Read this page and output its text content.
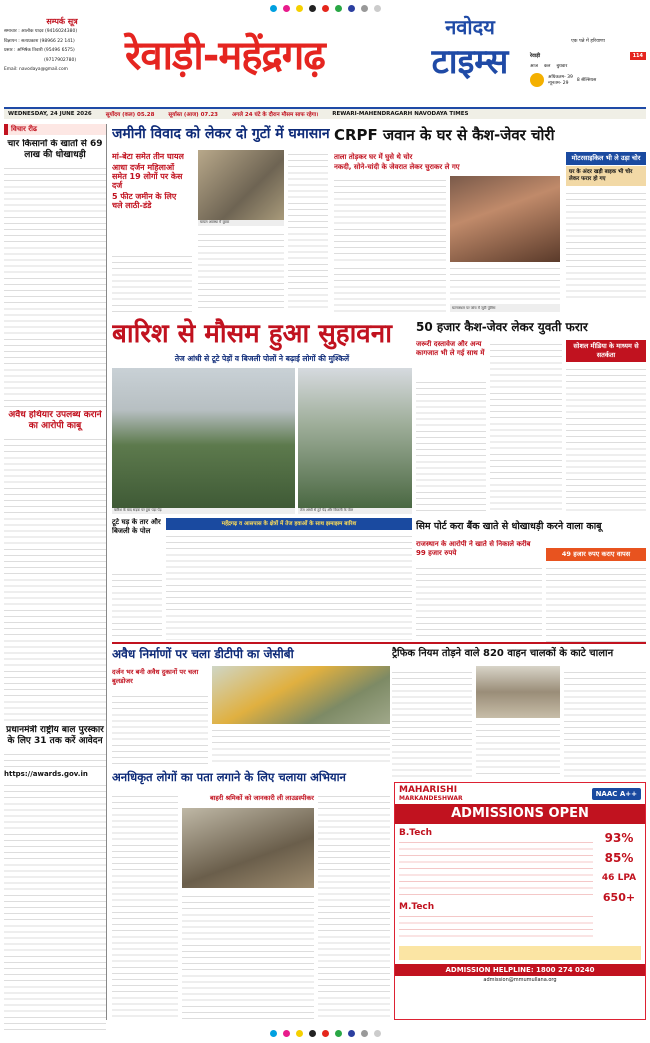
सम्पर्क सूत्र
समाचार : आलोक यादव (9416024380)
विज्ञापन : सत्यप्रकाश (98966 22 141)
प्रसार : अभिषेक तिवारी (95496 6575)
(9717902780)
Email: navodaya@gmail.com	रेवाड़ी-महेंद्रगढ़
नवोदय
टाइम्स
एक पन्ने में हरियाणा
रेवाड़ी	114
आज कल बुधवार
अधिकतम- 39
न्यूनतम- 29
8 सेल्सियस
WEDNESDAY, 24 JUNE 2026	सूर्योदय (कल) 05.28	सूर्यास्त (आज) 07.23	अगले 24 घंटे के दौरान मौसम साफ रहेगा।	REWARI-MAHENDRAGARH NAVODAYA TIMES
विचार रीढ
चार किसानों के खातों से 69 लाख की धोखाधड़ी
अवैध हथियार उपलब्ध कराने का आरोपी काबू
प्रधानमंत्री राष्ट्रीय बाल पुरस्कार के लिए 31 तक करें आवेदन
https://awards.gov.in
जमीनी विवाद को लेकर दो गुटों में घमासान
मां-बेटा समेत तीन घायल
आधा दर्जन महिलाओं समेत 19 लोगों पर केस दर्ज
5 फीट जमीन के लिए चले लाठी-डंडे
घायल अवस्था में युवक
CRPF जवान के घर से कैश-जेवर चोरी
ताला तोड़कर घर में घुसे थे चोर
नकदी, सोने-चांदी के जेवरात लेकर चुराकर ले गए
घटनास्थल पर जांच में जुटी पुलिस
मोटरसाइकिल भी ले उड़ा चोर
घर के अंदर खड़ी बाइक भी चोर लेकर फरार हो गए
बारिश से मौसम हुआ सुहावना
तेज आंधी से टूटे पेड़ों व बिजली पोलों ने बढ़ाई लोगों की मुश्किलें
बारिश के बाद सड़क पर टूटा पड़ा पेड़	तेज आंधी से टूटे पेड़ और बिजली के पोल
50 हजार कैश-जेवर लेकर युवती फरार
जरूरी दस्तावेज और अन्य कागजात भी ले गई साथ में
सोशल मीडिया के माध्यम से सतर्कता
टूटे घड़ के तार और बिजली के पोल
महेंद्रगढ़ व आसपास के क्षेत्रों में तेज हवाओं के साथ झमाझम बारिश	सिम पोर्ट करा बैंक खाते से धोखाधड़ी करने वाला काबू
राजस्थान के आरोपी ने खाते से निकाले करीब 99 हजार रुपये	49 हजार रुपए कराए वापस
अवैध निर्माणों पर चला डीटीपी का जेसीबी	ट्रैफिक नियम तोड़ने वाले 820 वाहन चालकों के काटे चालान
दर्जन भर बनी अवैध दुकानों पर चला बुलडोजर
अनधिकृत लोगों का पता लगाने के लिए चलाया अभियान
बाहरी श्रमिकों को जानकारी ली लाउडस्पीकर
MAHARISHI
MARKANDESHWAR
NAAC A++
ADMISSIONS OPEN
B.Tech
M.Tech
93%
85%
46 LPA
650+
ADMISSION HELPLINE: 1800 274 0240
admission@mmumullana.org
